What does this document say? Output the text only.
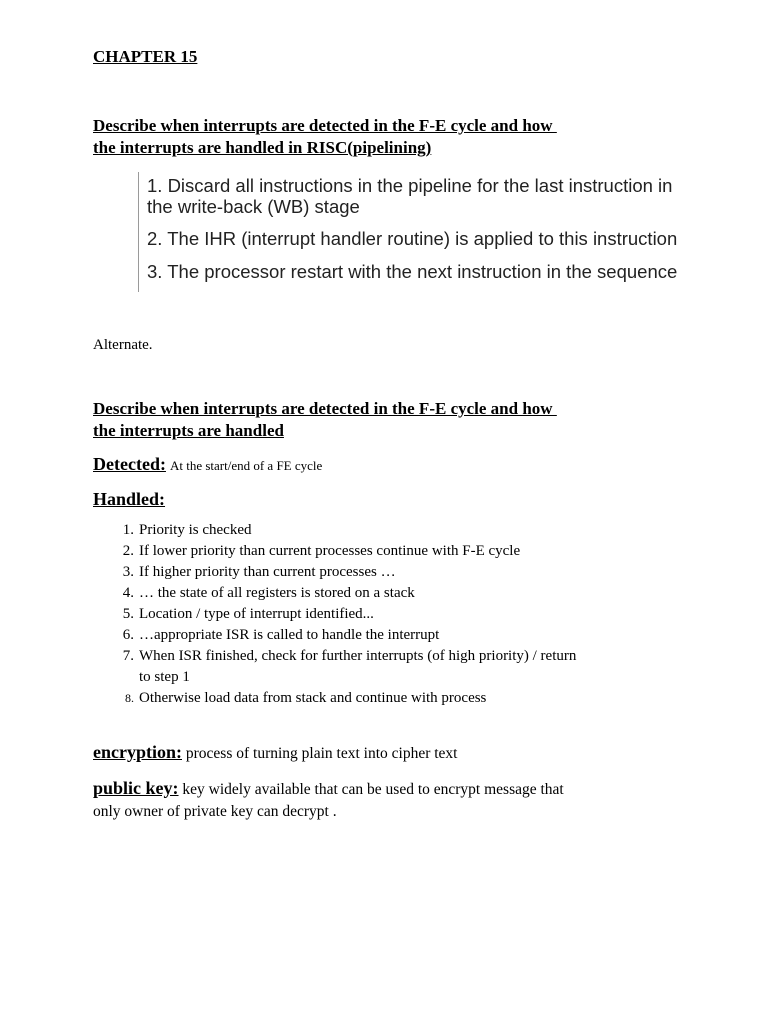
CHAPTER 15
Describe when interrupts are detected in the F-E cycle and how
the interrupts are handled in RISC(pipelining)
1. Discard all instructions in the pipeline for the last instruction in
the write-back (WB) stage
2. The IHR (interrupt handler routine) is applied to this instruction
3. The processor restart with the next instruction in the sequence
Alternate.
Describe when interrupts are detected in the F-E cycle and how
the interrupts are handled
Detected: At the start/end of a FE cycle
Handled:
1. Priority is checked
2. If lower priority than current processes continue with F-E cycle
3. If higher priority than current processes …
4. … the state of all registers is stored on a stack
5. Location / type of interrupt identified...
6. …appropriate ISR is called to handle the interrupt
7. When ISR finished, check for further interrupts (of high priority) / return
to step 1
8. Otherwise load data from stack and continue with process
encryption: process of turning plain text into cipher text
public key: key widely available that can be used to encrypt message that
only owner of private key can decrypt .
